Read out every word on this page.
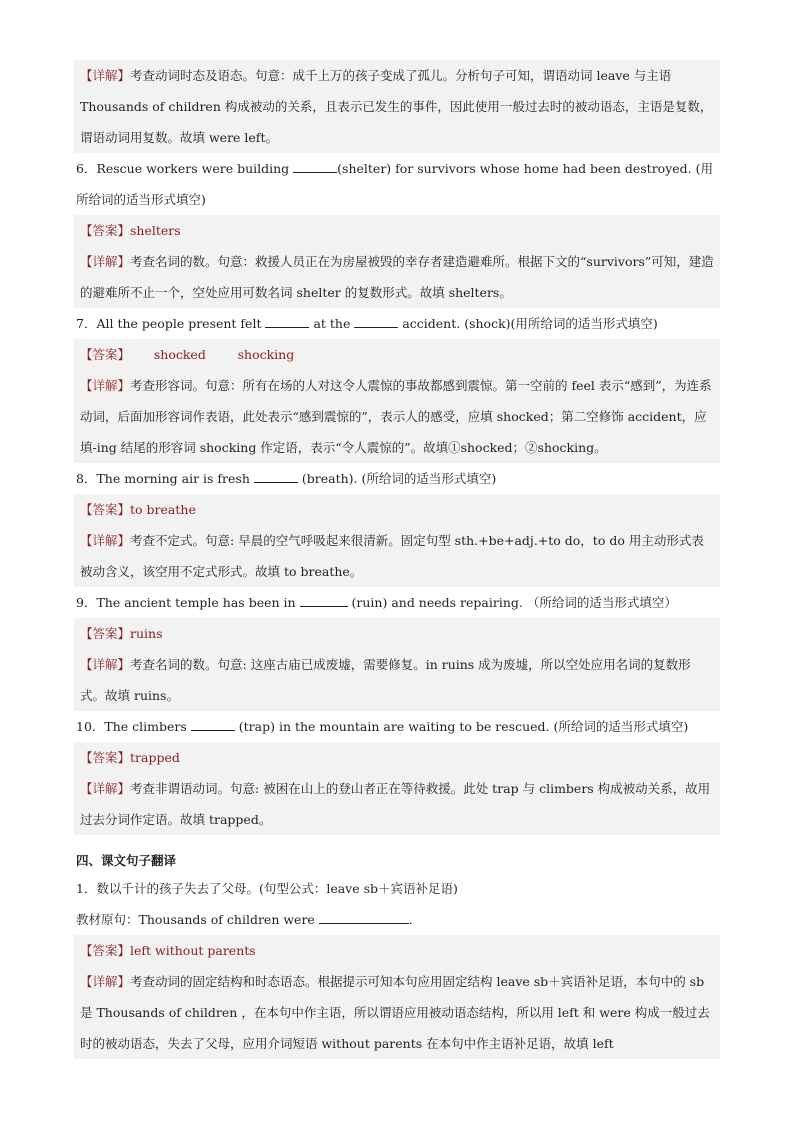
【详解】考查动词时态及语态。句意：成千上万的孩子变成了孤儿。分析句子可知，谓语动词 leave 与主语 Thousands of children 构成被动的关系，且表示已发生的事件，因此使用一般过去时的被动语态，主语是复数，谓语动词用复数。故填 were left。
6．Rescue workers were building	(shelter) for survivors whose home had been destroyed. (用所给词的适当形式填空)
【答案】shelters
【详解】考查名词的数。句意：救援人员正在为房屋被毁的幸存者建造避难所。根据下文的“survivors”可知，建造的避难所不止一个，空处应用可数名词 shelter 的复数形式。故填 shelters。
7．All the people present felt	at the	accident. (shock)(用所给词的适当形式填空)
【答案】      shocked        shocking
【详解】考查形容词。句意：所有在场的人对这令人震惊的事故都感到震惊。第一空前的 feel 表示“感到”，为连系动词，后面加形容词作表语，此处表示“感到震惊的”，表示人的感受，应填 shocked；第二空修饰 accident，应填-ing 结尾的形容词 shocking 作定语，表示“令人震惊的”。故填①shocked；②shocking。
8．The morning air is fresh	(breath). (所给词的适当形式填空)
【答案】to breathe
【详解】考查不定式。句意: 早晨的空气呼吸起来很清新。固定句型 sth.+be+adj.+to do，to do 用主动形式表被动含义，该空用不定式形式。故填 to breathe。
9．The ancient temple has been in	(ruin) and needs repairing. （所给词的适当形式填空）
【答案】ruins
【详解】考查名词的数。句意: 这座古庙已成废墟，需要修复。in ruins 成为废墟，所以空处应用名词的复数形式。故填 ruins。
10．The climbers	(trap) in the mountain are waiting to be rescued. (所给词的适当形式填空)
【答案】trapped
【详解】考查非谓语动词。句意: 被困在山上的登山者正在等待救援。此处 trap 与 climbers 构成被动关系，故用过去分词作定语。故填 trapped。
四、课文句子翻译
1．数以千计的孩子失去了父母。(句型公式：leave sb＋宾语补足语)
教材原句：Thousands of children were	.
【答案】left without parents
【详解】考查动词的固定结构和时态语态。根据提示可知本句应用固定结构 leave sb＋宾语补足语，本句中的 sb 是 Thousands of children ，在本句中作主语，所以谓语应用被动语态结构，所以用 left 和 were 构成一般过去时的被动语态，失去了父母，应用介词短语 without parents 在本句中作主语补足语，故填 left
